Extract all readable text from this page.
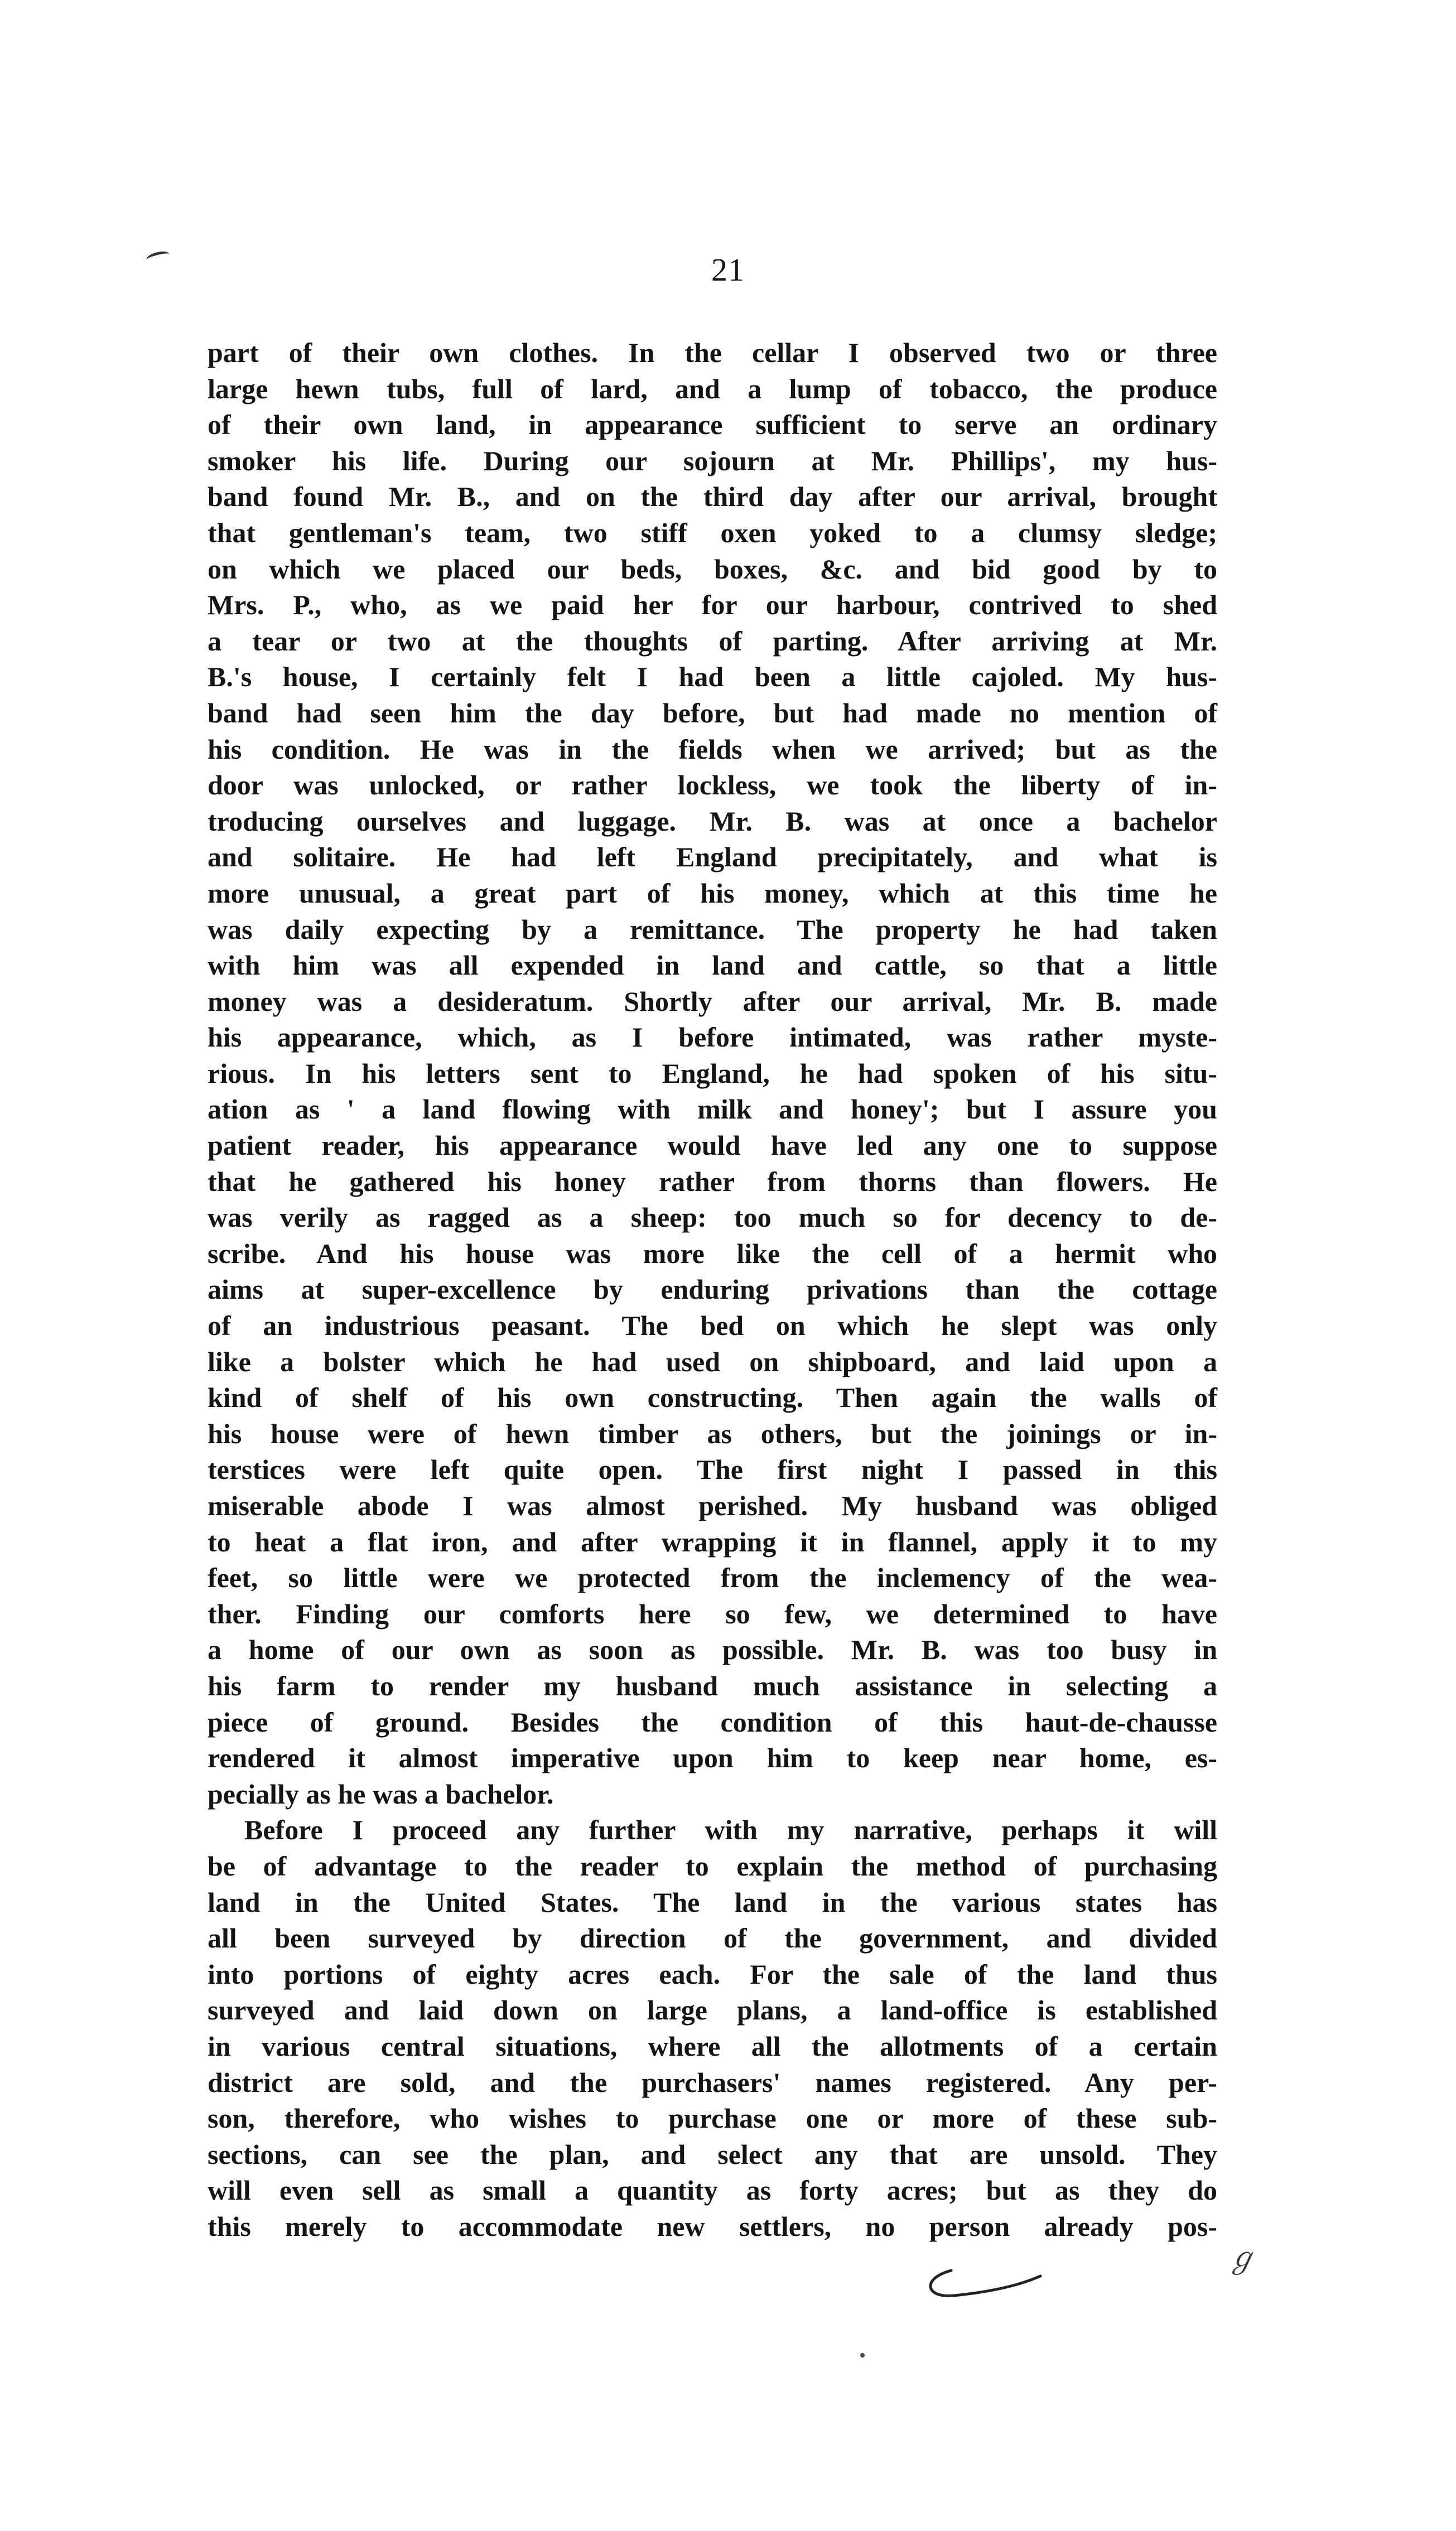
21
part of their own clothes. In the cellar I observed two or three
large hewn tubs, full of lard, and a lump of tobacco, the produce
of their own land, in appearance sufficient to serve an ordinary
smoker his life. During our sojourn at Mr. Phillips', my hus-
band found Mr. B., and on the third day after our arrival, brought
that gentleman's team, two stiff oxen yoked to a clumsy sledge;
on which we placed our beds, boxes, &c. and bid good by to
Mrs. P., who, as we paid her for our harbour, contrived to shed
a tear or two at the thoughts of parting. After arriving at Mr.
B.'s house, I certainly felt I had been a little cajoled. My hus-
band had seen him the day before, but had made no mention of
his condition. He was in the fields when we arrived; but as the
door was unlocked, or rather lockless, we took the liberty of in-
troducing ourselves and luggage. Mr. B. was at once a bachelor
and solitaire. He had left England precipitately, and what is
more unusual, a great part of his money, which at this time he
was daily expecting by a remittance. The property he had taken
with him was all expended in land and cattle, so that a little
money was a desideratum. Shortly after our arrival, Mr. B. made
his appearance, which, as I before intimated, was rather myste-
rious. In his letters sent to England, he had spoken of his situ-
ation as ' a land flowing with milk and honey'; but I assure you
patient reader, his appearance would have led any one to suppose
that he gathered his honey rather from thorns than flowers. He
was verily as ragged as a sheep: too much so for decency to de-
scribe. And his house was more like the cell of a hermit who
aims at super-excellence by enduring privations than the cottage
of an industrious peasant. The bed on which he slept was only
like a bolster which he had used on shipboard, and laid upon a
kind of shelf of his own constructing. Then again the walls of
his house were of hewn timber as others, but the joinings or in-
terstices were left quite open. The first night I passed in this
miserable abode I was almost perished. My husband was obliged
to heat a flat iron, and after wrapping it in flannel, apply it to my
feet, so little were we protected from the inclemency of the wea-
ther. Finding our comforts here so few, we determined to have
a home of our own as soon as possible. Mr. B. was too busy in
his farm to render my husband much assistance in selecting a
piece of ground. Besides the condition of this haut-de-chausse
rendered it almost imperative upon him to keep near home, es-
pecially as he was a bachelor.
Before I proceed any further with my narrative, perhaps it will
be of advantage to the reader to explain the method of purchasing
land in the United States. The land in the various states has
all been surveyed by direction of the government, and divided
into portions of eighty acres each. For the sale of the land thus
surveyed and laid down on large plans, a land-office is established
in various central situations, where all the allotments of a certain
district are sold, and the purchasers' names registered. Any per-
son, therefore, who wishes to purchase one or more of these sub-
sections, can see the plan, and select any that are unsold. They
will even sell as small a quantity as forty acres; but as they do
this merely to accommodate new settlers, no person already pos-
ℊ
